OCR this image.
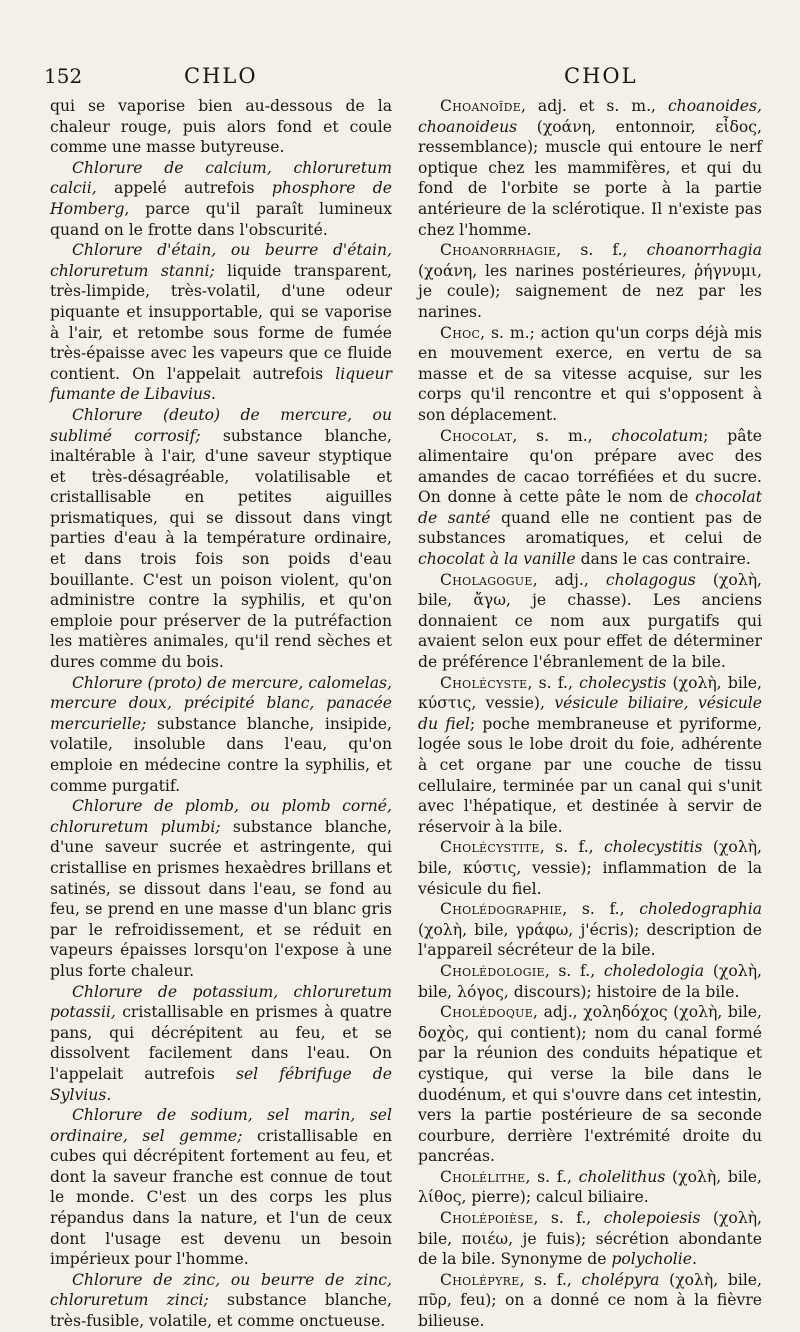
152	CHLO	CHOL

qui se vaporise bien au-dessous de la chaleur rouge, puis alors fond et coule comme une masse butyreuse.

Chlorure de calcium, chloruretum calcii, appelé autrefois phosphore de Homberg, parce qu'il paraît lumineux quand on le frotte dans l'obscurité.

Chlorure d'étain, ou beurre d'étain, chloruretum stanni; liquide transparent, très-limpide, très-volatil, d'une odeur piquante et insupportable, qui se vaporise à l'air, et retombe sous forme de fumée très-épaisse avec les vapeurs que ce fluide contient. On l'appelait autrefois liqueur fumante de Libavius.

Chlorure (deuto) de mercure, ou sublimé corrosif; substance blanche, inaltérable à l'air, d'une saveur styptique et très-désagréable, volatilisable et cristallisable en petites aiguilles prismatiques, qui se dissout dans vingt parties d'eau à la température ordinaire, et dans trois fois son poids d'eau bouillante. C'est un poison violent, qu'on administre contre la syphilis, et qu'on emploie pour préserver de la putréfaction les matières animales, qu'il rend sèches et dures comme du bois.

Chlorure (proto) de mercure, calomelas, mercure doux, précipité blanc, panacée mercurielle; substance blanche, insipide, volatile, insoluble dans l'eau, qu'on emploie en médecine contre la syphilis, et comme purgatif.

Chlorure de plomb, ou plomb corné, chloruretum plumbi; substance blanche, d'une saveur sucrée et astringente, qui cristallise en prismes hexaèdres brillans et satinés, se dissout dans l'eau, se fond au feu, se prend en une masse d'un blanc gris par le refroidissement, et se réduit en vapeurs épaisses lorsqu'on l'expose à une plus forte chaleur.

Chlorure de potassium, chloruretum potassii, cristallisable en prismes à quatre pans, qui décrépitent au feu, et se dissolvent facilement dans l'eau. On l'appelait autrefois sel fébrifuge de Sylvius.

Chlorure de sodium, sel marin, sel ordinaire, sel gemme; cristallisable en cubes qui décrépitent fortement au feu, et dont la saveur franche est connue de tout le monde. C'est un des corps les plus répandus dans la nature, et l'un de ceux dont l'usage est devenu un besoin impérieux pour l'homme.

Chlorure de zinc, ou beurre de zinc, chloruretum zinci; substance blanche, très-fusible, volatile, et comme onctueuse.

Choanoïde, adj. et s. m., choanoides, choanoideus (χοάνη, entonnoir, εἶδος, ressemblance); muscle qui entoure le nerf optique chez les mammifères, et qui du fond de l'orbite se porte à la partie antérieure de la sclérotique. Il n'existe pas chez l'homme.

Choanorrhagie, s. f., choanorrhagia (χοάνη, les narines postérieures, ῥήγνυμι, je coule); saignement de nez par les narines.

Choc, s. m.; action qu'un corps déjà mis en mouvement exerce, en vertu de sa masse et de sa vitesse acquise, sur les corps qu'il rencontre et qui s'opposent à son déplacement.

Chocolat, s. m., chocolatum; pâte alimentaire qu'on prépare avec des amandes de cacao torréfiées et du sucre. On donne à cette pâte le nom de chocolat de santé quand elle ne contient pas de substances aromatiques, et celui de chocolat à la vanille dans le cas contraire.

Cholagogue, adj., cholagogus (χολὴ, bile, ἄγω, je chasse). Les anciens donnaient ce nom aux purgatifs qui avaient selon eux pour effet de déterminer de préférence l'ébranlement de la bile.

Cholécyste, s. f., cholecystis (χολὴ, bile, κύστις, vessie), vésicule biliaire, vésicule du fiel; poche membraneuse et pyriforme, logée sous le lobe droit du foie, adhérente à cet organe par une couche de tissu cellulaire, terminée par un canal qui s'unit avec l'hépatique, et destinée à servir de réservoir à la bile.

Cholécystite, s. f., cholecystitis (χολὴ, bile, κύστις, vessie); inflammation de la vésicule du fiel.

Cholédographie, s. f., choledographia (χολὴ, bile, γράφω, j'écris); description de l'appareil sécréteur de la bile.

Cholédologie, s. f., choledologia (χολὴ, bile, λόγος, discours); histoire de la bile.

Cholédoque, adj., χοληδόχος (χολὴ, bile, δοχὸς, qui contient); nom du canal formé par la réunion des conduits hépatique et cystique, qui verse la bile dans le duodénum, et qui s'ouvre dans cet intestin, vers la partie postérieure de sa seconde courbure, derrière l'extrémité droite du pancréas.

Cholélithe, s. f., cholelithus (χολὴ, bile, λίθος, pierre); calcul biliaire.

Cholépoièse, s. f., cholepoiesis (χολὴ, bile, ποιέω, je fuis); sécrétion abondante de la bile. Synonyme de polycholie.

Cholépyre, s. f., cholépyra (χολὴ, bile, πῦρ, feu); on a donné ce nom à la fièvre bilieuse.
